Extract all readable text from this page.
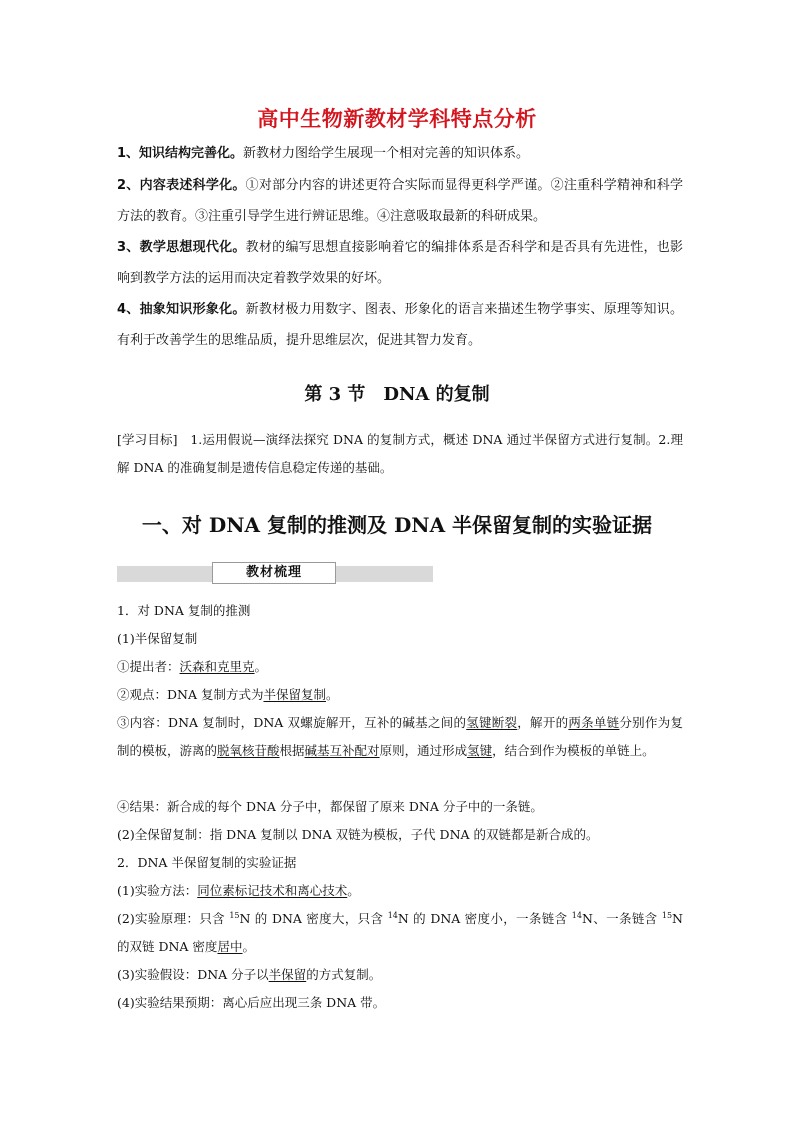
高中生物新教材学科特点分析

1、知识结构完善化。新教材力图给学生展现一个相对完善的知识体系。

2、内容表述科学化。①对部分内容的讲述更符合实际而显得更科学严谨。②注重科学精神和科学方法的教育。③注重引导学生进行辨证思维。④注意吸取最新的科研成果。

3、教学思想现代化。教材的编写思想直接影响着它的编排体系是否科学和是否具有先进性，也影响到教学方法的运用而决定着教学效果的好坏。

4、抽象知识形象化。新教材极力用数字、图表、形象化的语言来描述生物学事实、原理等知识。有利于改善学生的思维品质，提升思维层次，促进其智力发育。

第 3 节　DNA 的复制

[学习目标]　1.运用假说—演绎法探究 DNA 的复制方式，概述 DNA 通过半保留方式进行复制。2.理解 DNA 的准确复制是遗传信息稳定传递的基础。

一、对 DNA 复制的推测及 DNA 半保留复制的实验证据
教材梳理

1．对 DNA 复制的推测

(1)半保留复制

①提出者：沃森和克里克。

②观点：DNA 复制方式为半保留复制。

③内容：DNA 复制时，DNA 双螺旋解开，互补的碱基之间的氢键断裂，解开的两条单链分别作为复制的模板，游离的脱氧核苷酸根据碱基互补配对原则，通过形成氢键，结合到作为模板的单链上。

④结果：新合成的每个 DNA 分子中，都保留了原来 DNA 分子中的一条链。

(2)全保留复制：指 DNA 复制以 DNA 双链为模板，子代 DNA 的双链都是新合成的。

2．DNA 半保留复制的实验证据

(1)实验方法：同位素标记技术和离心技术。

(2)实验原理：只含 $^{15}$N 的 DNA 密度大，只含 $^{14}$N 的 DNA 密度小，一条链含 $^{14}$N、一条链含 $^{15}$N 的双链 DNA 密度居中。

(3)实验假设：DNA 分子以半保留的方式复制。

(4)实验结果预期：离心后应出现三条 DNA 带。
